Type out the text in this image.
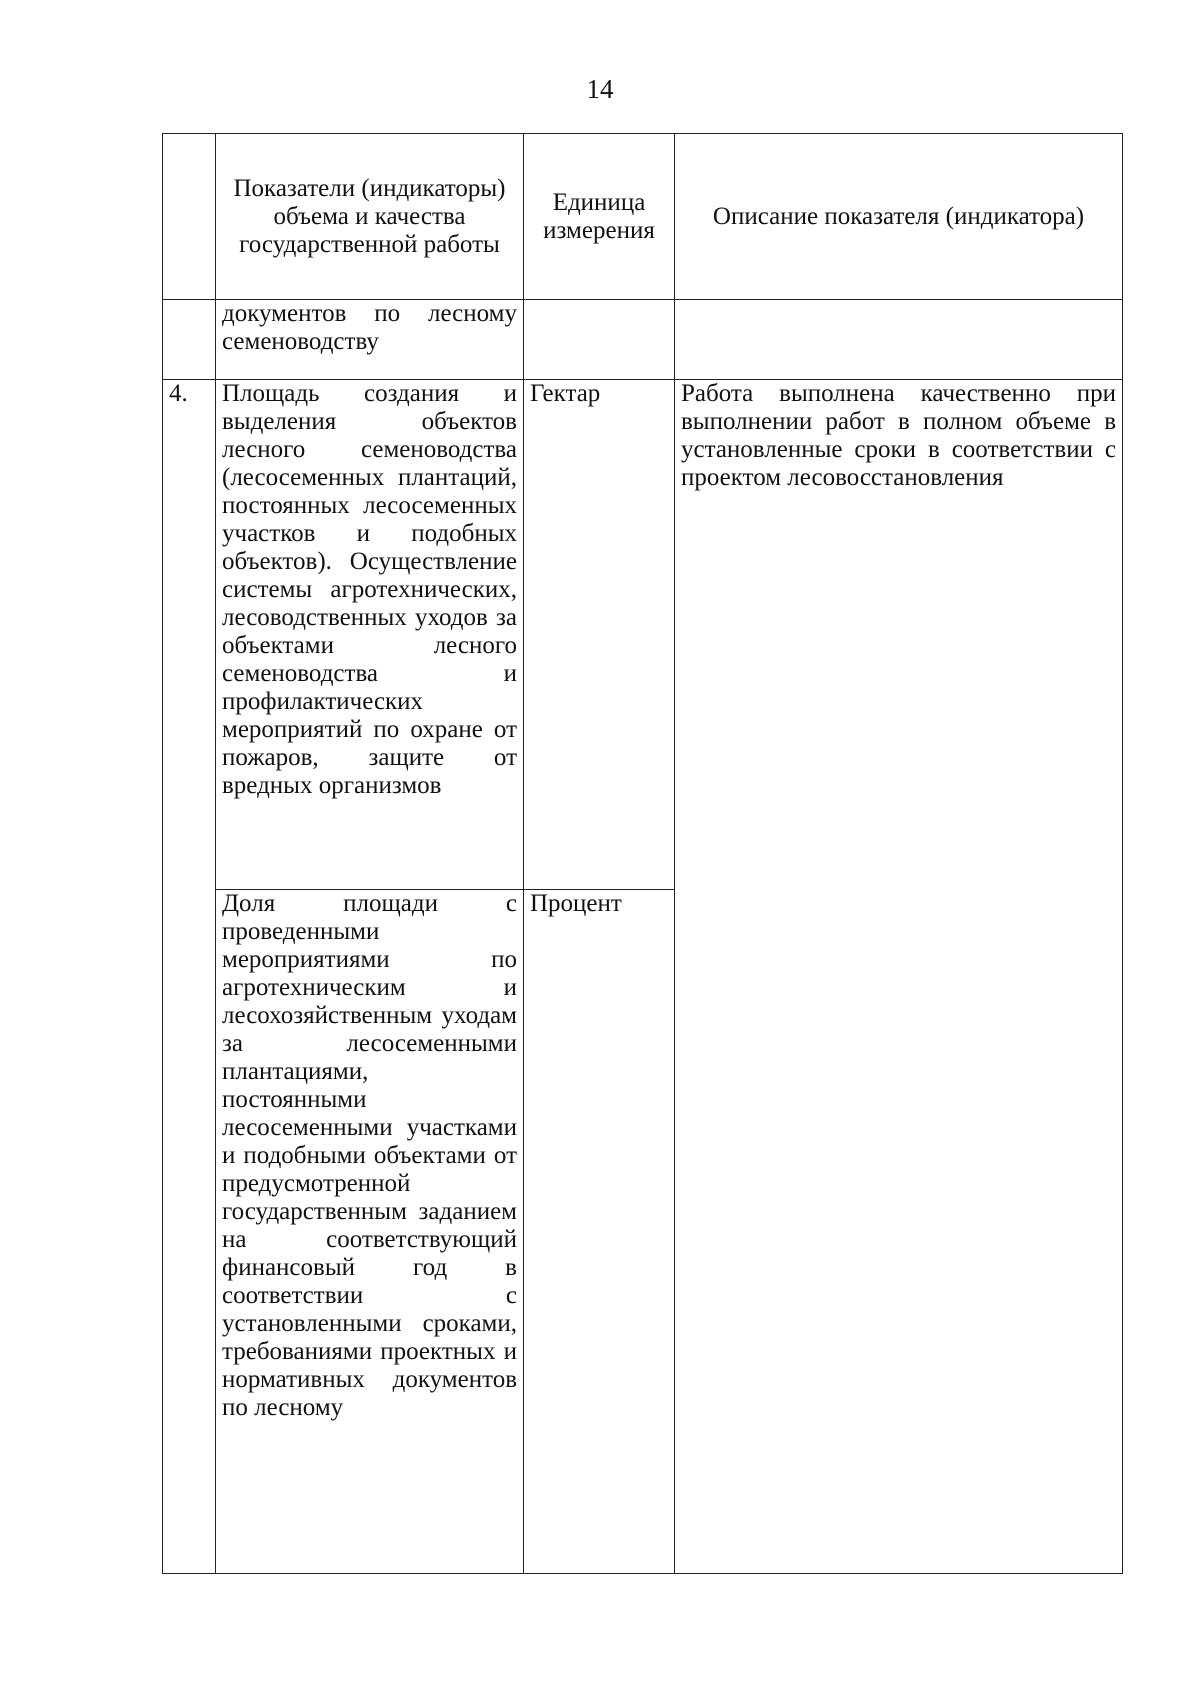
14
	Показатели (индикаторы) объема и качества государственной работы	Единица измерения	Описание показателя (индикатора)
	документов по лесному семеноводству		
4.	Площадь создания и выделения объектов лесного семеноводства (лесосеменных плантаций, постоянных лесосеменных участков и подобных объектов). Осуществление системы агротехнических, лесоводственных уходов за объектами лесного семеноводства и профилактических мероприятий по охране от пожаров, защите от вредных организмов	Гектар	Работа выполнена качественно при выполнении работ в полном объеме в установленные сроки в соответствии с проектом лесовосстановления
	Доля площади с проведенными мероприятиями по агротехническим и лесохозяйственным уходам за лесосеменными плантациями, постоянными лесосеменными участками и подобными объектами от предусмотренной государственным заданием на соответствующий финансовый год в соответствии с установленными сроками, требованиями проектных и нормативных документов по лесному	Процент	
